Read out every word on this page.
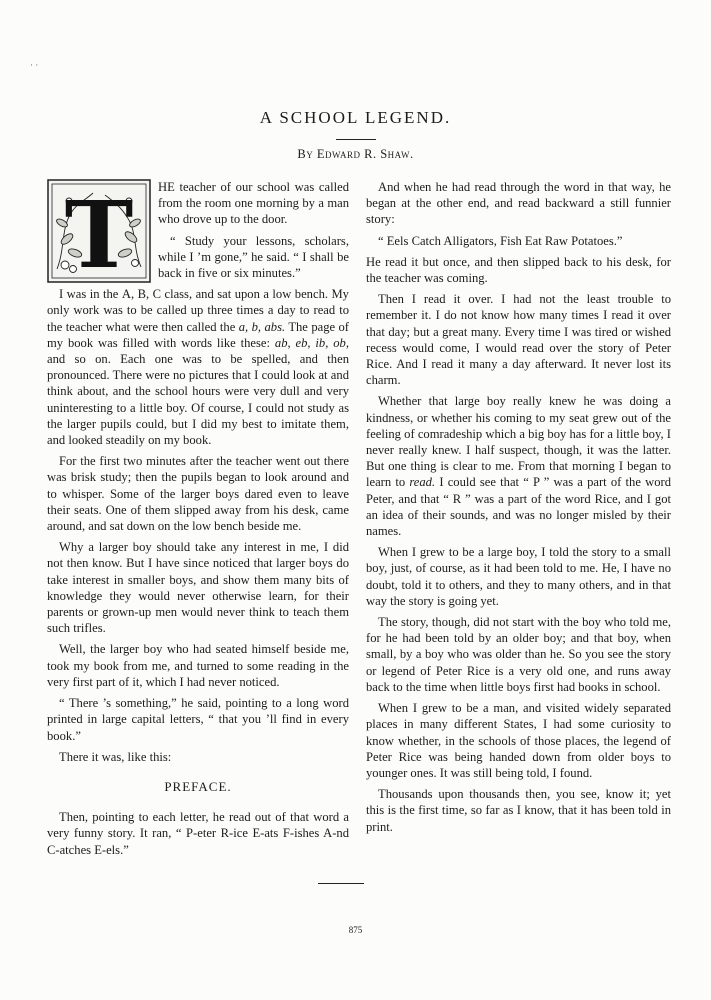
· ·
A SCHOOL LEGEND.
By Edward R. Shaw.
T	HE teacher of our school was called from the room one morning by a man who drove up to the door.

“ Study your lessons, scholars, while I ’m gone,” he said. “ I shall be back in five or six minutes.”

I was in the A, B, C class, and sat upon a low bench. My only work was to be called up three times a day to read to the teacher what were then called the a, b, abs. The page of my book was filled with words like these: ab, eb, ib, ob, and so on. Each one was to be spelled, and then pronounced. There were no pictures that I could look at and think about, and the school hours were very dull and very uninteresting to a little boy. Of course, I could not study as the larger pupils could, but I did my best to imitate them, and looked steadily on my book.

For the first two minutes after the teacher went out there was brisk study; then the pupils began to look around and to whisper. Some of the larger boys dared even to leave their seats. One of them slipped away from his desk, came around, and sat down on the low bench beside me.

Why a larger boy should take any interest in me, I did not then know. But I have since noticed that larger boys do take interest in smaller boys, and show them many bits of knowledge they would never otherwise learn, for their parents or grown-up men would never think to teach them such trifles.

Well, the larger boy who had seated himself beside me, took my book from me, and turned to some reading in the very first part of it, which I had never noticed.

“ There ’s something,” he said, pointing to a long word printed in large capital letters, “ that you ’ll find in every book.”

There it was, like this:

PREFACE.

Then, pointing to each letter, he read out of that word a very funny story. It ran, “ P-eter R-ice E-ats F-ishes A-nd C-atches E-els.”

And when he had read through the word in that way, he began at the other end, and read backward a still funnier story:

“ Eels Catch Alligators, Fish Eat Raw Potatoes.”

He read it but once, and then slipped back to his desk, for the teacher was coming.

Then I read it over. I had not the least trouble to remember it. I do not know how many times I read it over that day; but a great many. Every time I was tired or wished recess would come, I would read over the story of Peter Rice. And I read it many a day afterward. It never lost its charm.

Whether that large boy really knew he was doing a kindness, or whether his coming to my seat grew out of the feeling of comradeship which a big boy has for a little boy, I never really knew. I half suspect, though, it was the latter. But one thing is clear to me. From that morning I began to learn to read. I could see that “ P ” was a part of the word Peter, and that “ R ” was a part of the word Rice, and I got an idea of their sounds, and was no longer misled by their names.

When I grew to be a large boy, I told the story to a small boy, just, of course, as it had been told to me. He, I have no doubt, told it to others, and they to many others, and in that way the story is going yet.

The story, though, did not start with the boy who told me, for he had been told by an older boy; and that boy, when small, by a boy who was older than he. So you see the story or legend of Peter Rice is a very old one, and runs away back to the time when little boys first had books in school.

When I grew to be a man, and visited widely separated places in many different States, I had some curiosity to know whether, in the schools of those places, the legend of Peter Rice was being handed down from older boys to younger ones. It was still being told, I found.

Thousands upon thousands then, you see, know it; yet this is the first time, so far as I know, that it has been told in print.

875
